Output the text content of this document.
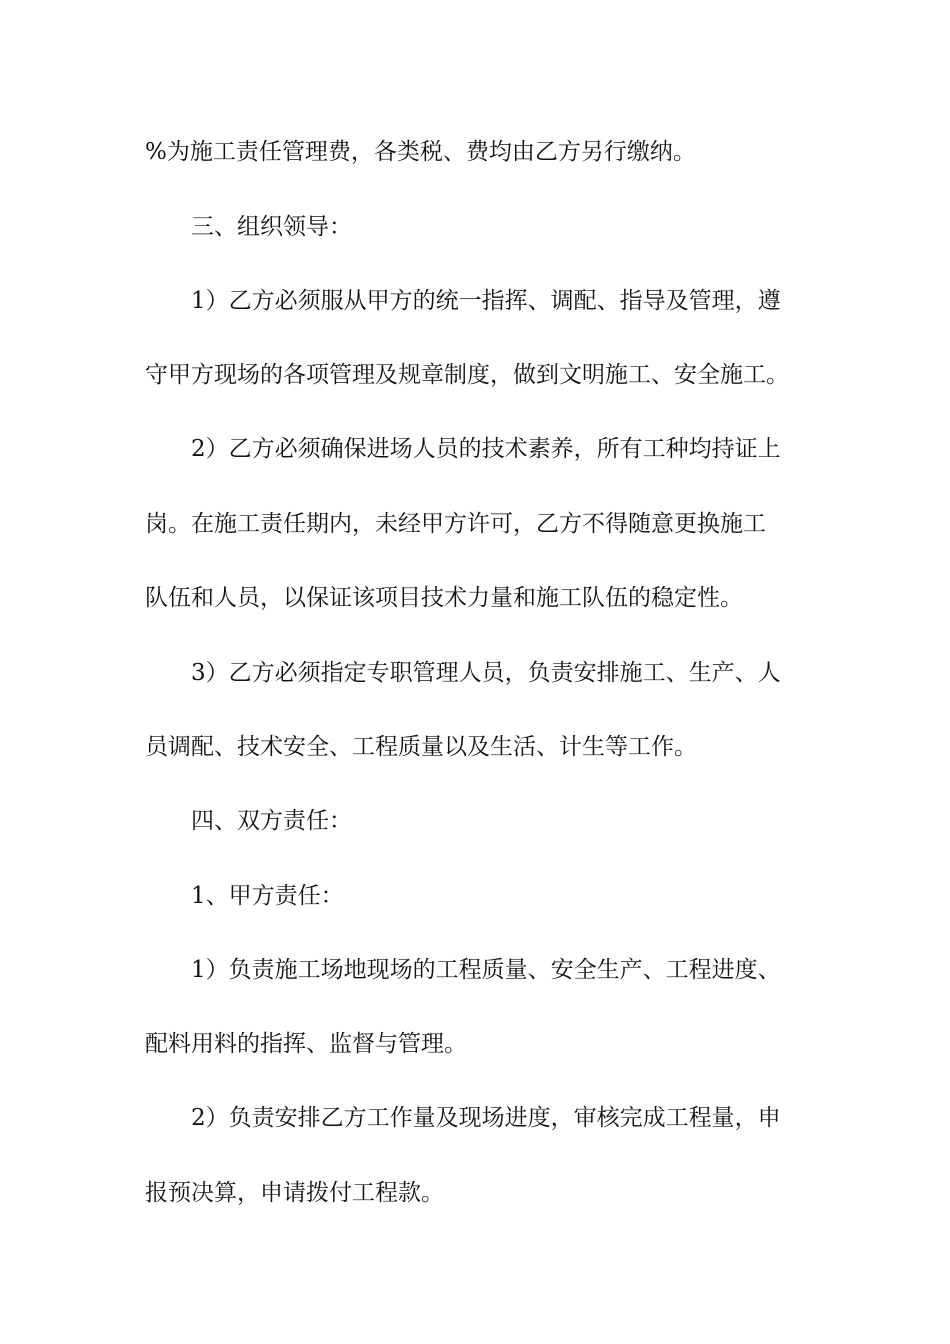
%为施工责任管理费，各类税、费均由乙方另行缴纳。
三、组织领导：
1）乙方必须服从甲方的统一指挥、调配、指导及管理，遵
守甲方现场的各项管理及规章制度，做到文明施工、安全施工。
2）乙方必须确保进场人员的技术素养，所有工种均持证上
岗。在施工责任期内，未经甲方许可，乙方不得随意更换施工
队伍和人员，以保证该项目技术力量和施工队伍的稳定性。
3）乙方必须指定专职管理人员，负责安排施工、生产、人
员调配、技术安全、工程质量以及生活、计生等工作。
四、双方责任：
1、甲方责任：
1）负责施工场地现场的工程质量、安全生产、工程进度、
配料用料的指挥、监督与管理。
2）负责安排乙方工作量及现场进度，审核完成工程量，申
报预决算，申请拨付工程款。
